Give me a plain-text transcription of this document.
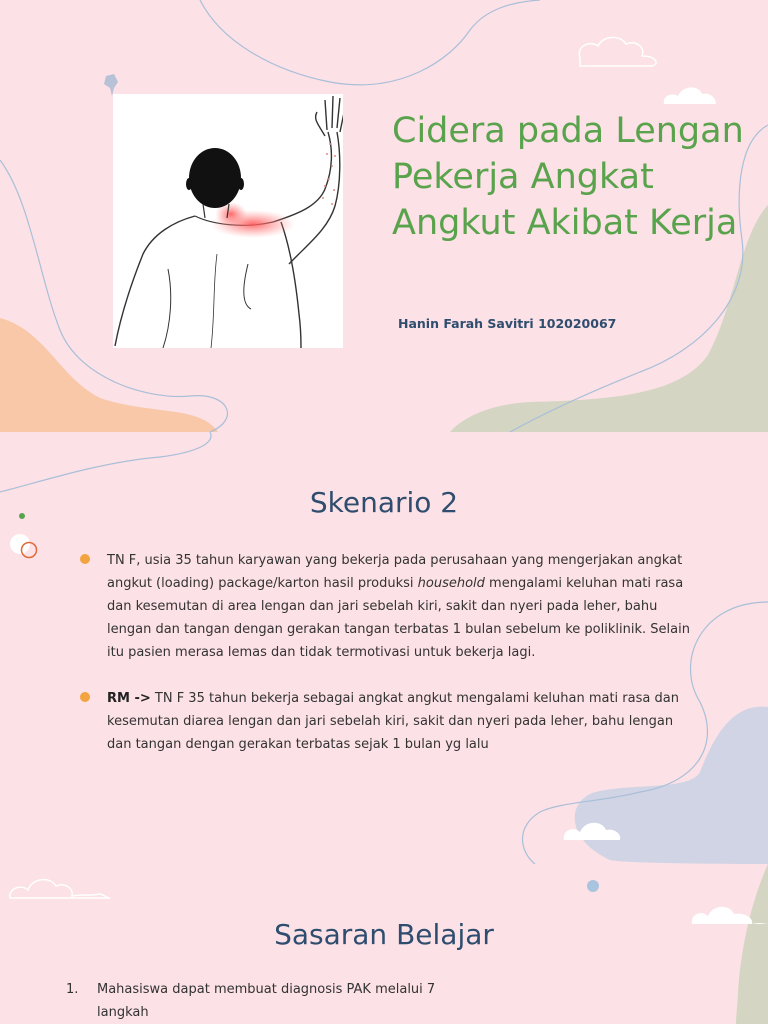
Cidera pada Lengan Pekerja Angkat Angkut Akibat Kerja
Hanin Farah Savitri 102020067
Skenario 2
TN F, usia 35 tahun karyawan yang bekerja pada perusahaan yang mengerjakan angkat angkut (loading) package/karton hasil produksi household mengalami keluhan mati rasa dan kesemutan di area lengan dan jari sebelah kiri, sakit dan nyeri pada leher, bahu lengan dan tangan dengan gerakan tangan terbatas 1 bulan sebelum ke poliklinik. Selain itu pasien merasa lemas dan tidak termotivasi untuk bekerja lagi.
RM -> TN F 35 tahun bekerja sebagai angkat angkut mengalami keluhan mati rasa dan kesemutan diarea lengan dan jari sebelah kiri, sakit dan nyeri pada leher, bahu lengan dan tangan dengan gerakan terbatas sejak 1 bulan yg lalu
Sasaran Belajar
1. Mahasiswa dapat membuat diagnosis PAK melalui 7 langkah
